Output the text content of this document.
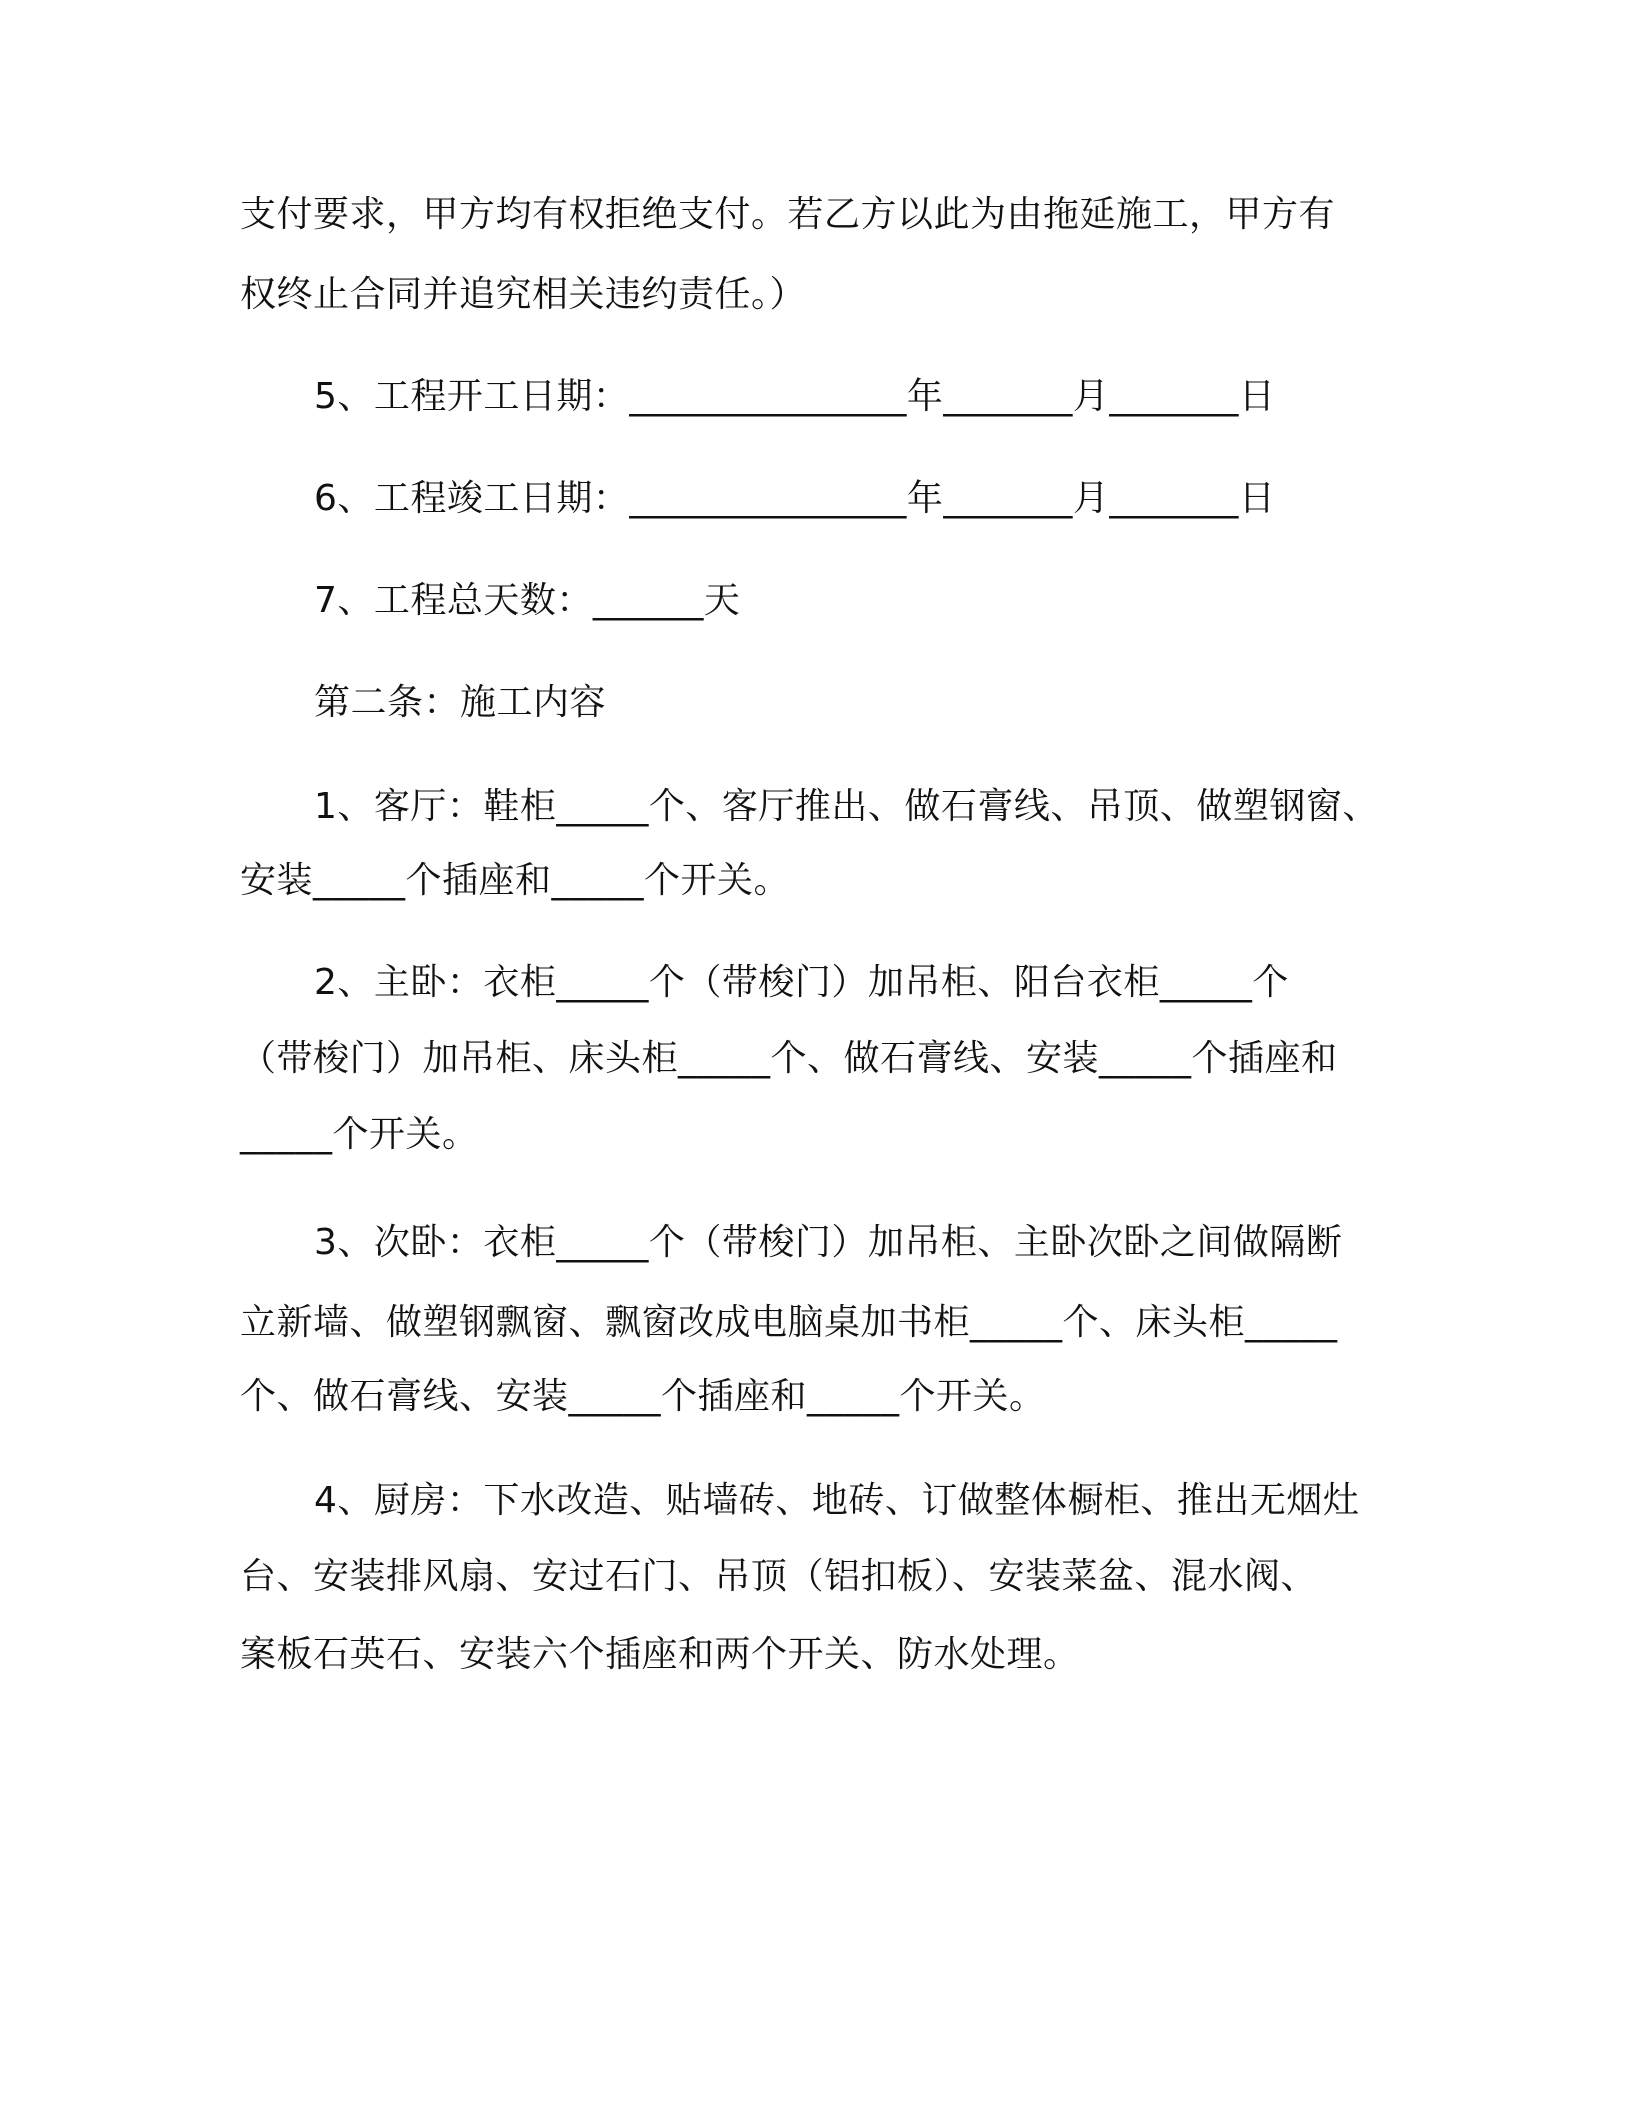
支付要求，甲方均有权拒绝支付。若乙方以此为由拖延施工，甲方有
权终止合同并追究相关违约责任。）
5、工程开工日期：_______________年_______月_______日
6、工程竣工日期：_______________年_______月_______日
7、工程总天数：______天
第二条：施工内容
1、客厅：鞋柜_____个、客厅推出、做石膏线、吊顶、做塑钢窗、
安装_____个插座和_____个开关。
2、主卧：衣柜_____个（带梭门）加吊柜、阳台衣柜_____个
（带梭门）加吊柜、床头柜_____个、做石膏线、安装_____个插座和
_____个开关。
3、次卧：衣柜_____个（带梭门）加吊柜、主卧次卧之间做隔断
立新墙、做塑钢飘窗、飘窗改成电脑桌加书柜_____个、床头柜_____
个、做石膏线、安装_____个插座和_____个开关。
4、厨房：下水改造、贴墙砖、地砖、订做整体橱柜、推出无烟灶
台、安装排风扇、安过石门、吊顶（铝扣板）、安装菜盆、混水阀、
案板石英石、安装六个插座和两个开关、防水处理。
